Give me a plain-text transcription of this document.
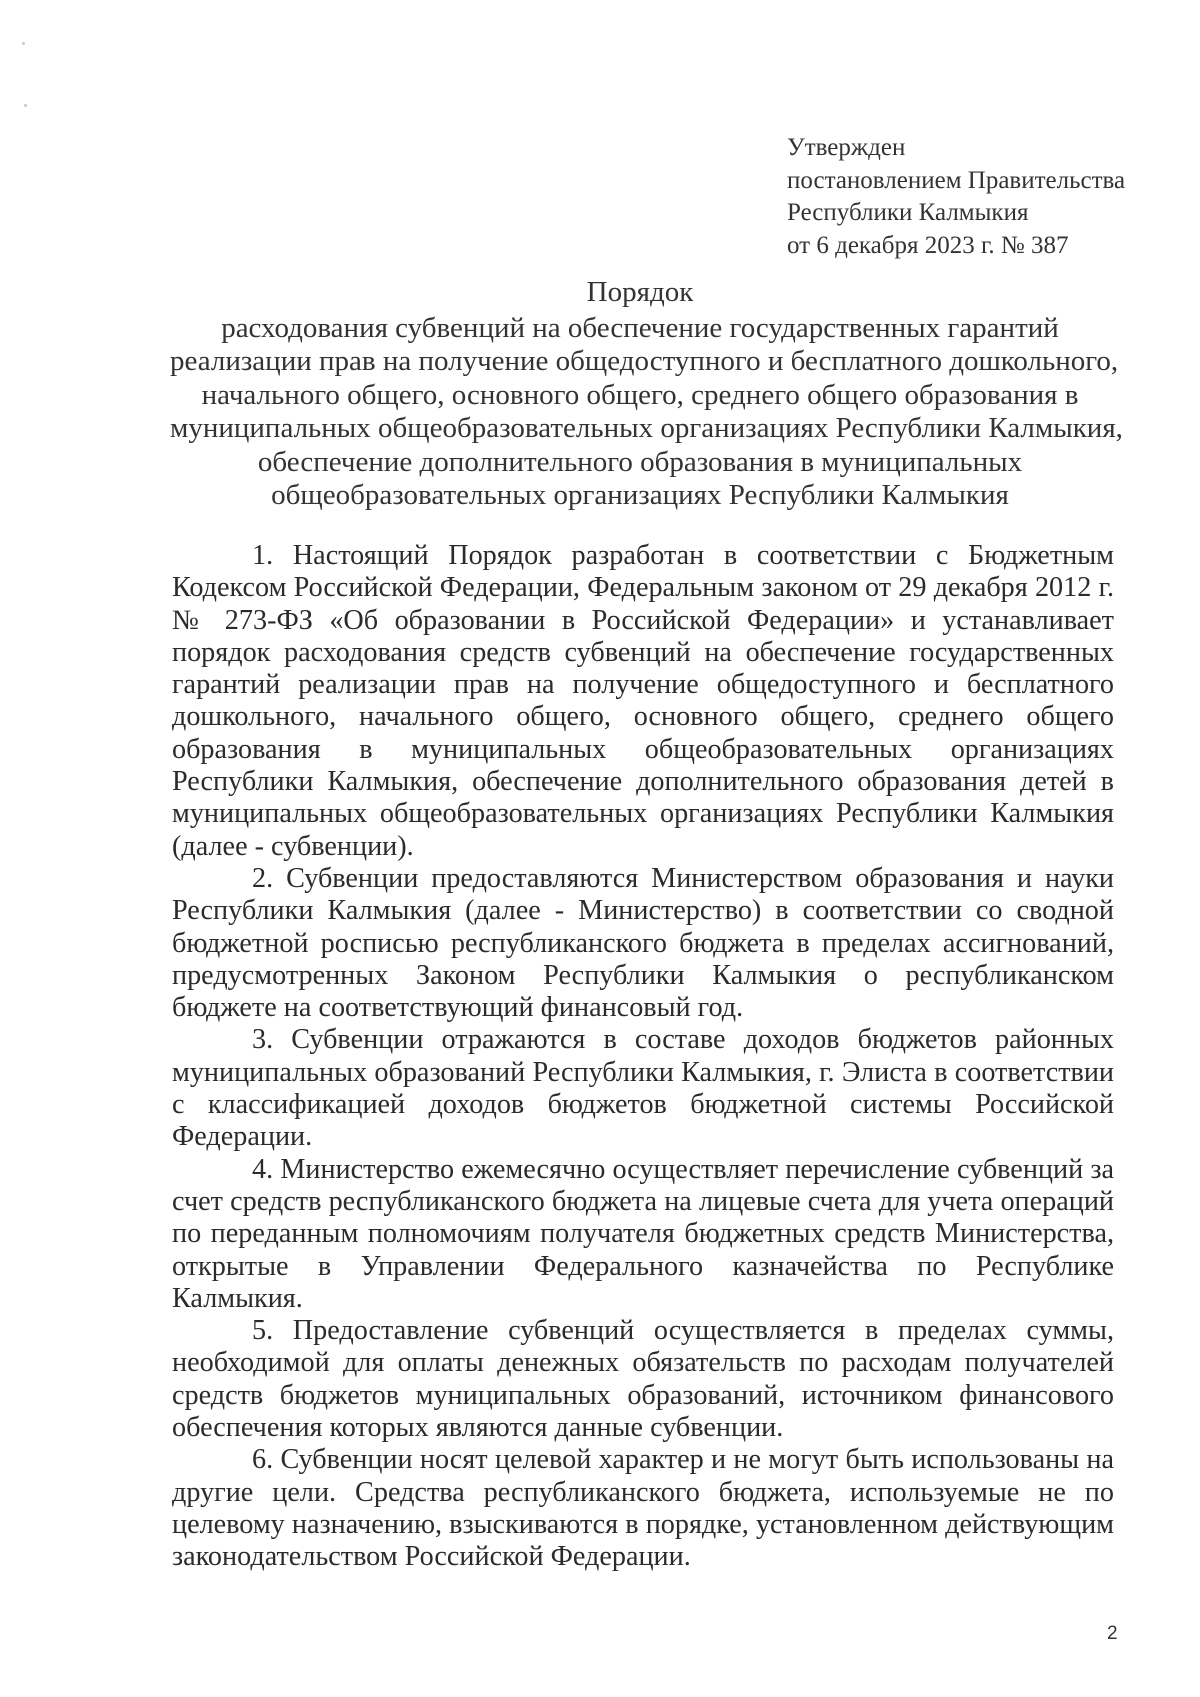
Утвержден
постановлением Правительства
Республики Калмыкия
от 6 декабря 2023 г. № 387
Порядок
расходования субвенций на обеспечение государственных гарантий
реализации прав на получение общедоступного и бесплатного дошкольного,
начального общего, основного общего, среднего общего образования в
муниципальных общеобразовательных организациях Республики Калмыкия,
обеспечение дополнительного образования в муниципальных
общеобразовательных организациях Республики Калмыкия

1. Настоящий Порядок разработан в соответствии с Бюджетным Кодексом Российской Федерации, Федеральным законом от 29 декабря 2012 г. № 273-ФЗ «Об образовании в Российской Федерации» и устанавливает порядок расходования средств субвенций на обеспечение государственных гарантий реализации прав на получение общедоступного и бесплатного дошкольного, начального общего, основного общего, среднего общего образования в муниципальных общеобразовательных организациях Республики Калмыкия, обеспечение дополнительного образования детей в муниципальных общеобразовательных организациях Республики Калмыкия (далее - субвенции).

2. Субвенции предоставляются Министерством образования и науки Республики Калмыкия (далее - Министерство) в соответствии со сводной бюджетной росписью республиканского бюджета в пределах ассигнований, предусмотренных Законом Республики Калмыкия о республиканском бюджете на соответствующий финансовый год.

3. Субвенции отражаются в составе доходов бюджетов районных муниципальных образований Республики Калмыкия, г. Элиста в соответствии с классификацией доходов бюджетов бюджетной системы Российской Федерации.

4. Министерство ежемесячно осуществляет перечисление субвенций за счет средств республиканского бюджета на лицевые счета для учета операций по переданным полномочиям получателя бюджетных средств Министерства, открытые в Управлении Федерального казначейства по Республике Калмыкия.

5. Предоставление субвенций осуществляется в пределах суммы, необходимой для оплаты денежных обязательств по расходам получателей средств бюджетов муниципальных образований, источником финансового обеспечения которых являются данные субвенции.

6. Субвенции носят целевой характер и не могут быть использованы на другие цели. Средства республиканского бюджета, используемые не по целевому назначению, взыскиваются в порядке, установленном действующим законодательством Российской Федерации.

2
